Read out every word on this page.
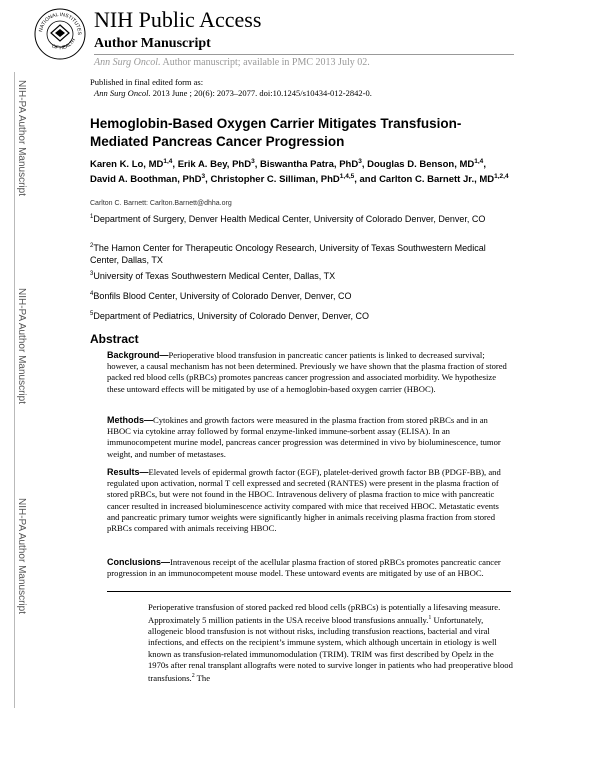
NIH-PA Author Manuscript
NIH-PA Author Manuscript
NIH-PA Author Manuscript
NATIONAL INSTITUTES
OF HEALTH
NIH Public Access
Author Manuscript
Ann Surg Oncol. Author manuscript; available in PMC 2013 July 02.
Published in final edited form as:
Ann Surg Oncol. 2013 June ; 20(6): 2073–2077. doi:10.1245/s10434-012-2842-0.
Hemoglobin-Based Oxygen Carrier Mitigates Transfusion-Mediated Pancreas Cancer Progression
Karen K. Lo, MD$^{1,4}$, Erik A. Bey, PhD$^3$, Biswantha Patra, PhD$^3$, Douglas D. Benson, MD$^{1,4}$,
David A. Boothman, PhD$^3$, Christopher C. Silliman, PhD$^{1,4,5}$, and Carlton C. Barnett Jr., MD$^{1,2,4}$
Carlton C. Barnett: Carlton.Barnett@dhha.org
$^1$Department of Surgery, Denver Health Medical Center, University of Colorado Denver, Denver, CO
$^2$The Hamon Center for Therapeutic Oncology Research, University of Texas Southwestern Medical Center, Dallas, TX
$^3$University of Texas Southwestern Medical Center, Dallas, TX
$^4$Bonfils Blood Center, University of Colorado Denver, Denver, CO
$^5$Department of Pediatrics, University of Colorado Denver, Denver, CO
Abstract
Background—Perioperative blood transfusion in pancreatic cancer patients is linked to decreased survival; however, a causal mechanism has not been determined. Previously we have shown that the plasma fraction of stored packed red blood cells (pRBCs) promotes pancreas cancer progression and associated morbidity. We hypothesize these untoward effects will be mitigated by use of a hemoglobin-based oxygen carrier (HBOC).
Methods—Cytokines and growth factors were measured in the plasma fraction from stored pRBCs and in an HBOC via cytokine array followed by formal enzyme-linked immune-sorbent assay (ELISA). In an immunocompetent murine model, pancreas cancer progression was determined in vivo by bioluminescence, tumor weight, and number of metastases.
Results—Elevated levels of epidermal growth factor (EGF), platelet-derived growth factor BB (PDGF-BB), and regulated upon activation, normal T cell expressed and secreted (RANTES) were present in the plasma fraction of stored pRBCs, but were not found in the HBOC. Intravenous delivery of plasma fraction to mice with pancreatic cancer resulted in increased bioluminescence activity compared with mice that received HBOC. Metastatic events and pancreatic primary tumor weights were significantly higher in animals receiving plasma fraction from stored pRBCs compared with animals receiving HBOC.
Conclusions—Intravenous receipt of the acellular plasma fraction of stored pRBCs promotes pancreatic cancer progression in an immunocompetent mouse model. These untoward events are mitigated by use of an HBOC.
Perioperative transfusion of stored packed red blood cells (pRBCs) is potentially a lifesaving measure. Approximately 5 million patients in the USA receive blood transfusions annually.$^1$ Unfortunately, allogeneic blood transfusion is not without risks, including transfusion reactions, bacterial and viral infections, and effects on the recipient’s immune system, which although uncertain in etiology is well known as transfusion-related immunomodulation (TRIM). TRIM was first described by Opelz in the 1970s after renal transplant allografts were noted to survive longer in patients who had preoperative blood transfusions.$^2$ The
